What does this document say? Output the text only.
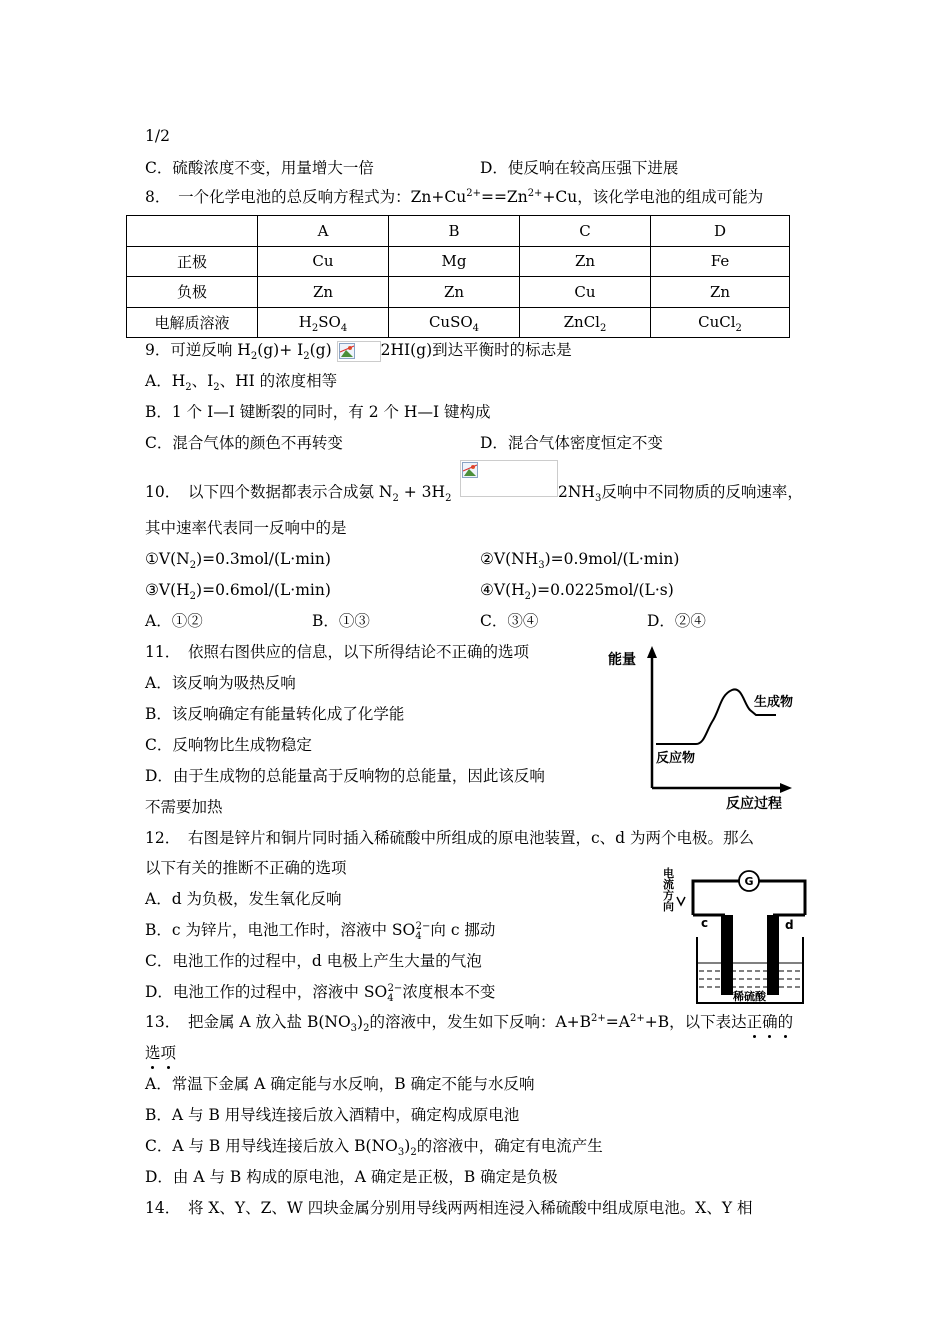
1/2
C．硫酸浓度不变，用量增大一倍	D．使反响在较高压强下进展
8．　一个化学电池的总反响方程式为：$Zn+Cu^{2+}==Zn^{2+}+Cu$，该化学电池的组成可能为
	A	B	C	D
正极	Cu	Mg	Zn	Fe
负极	Zn	Zn	Cu	Zn
电解质溶液	$H_2SO_4$	CuSO$_4$	ZnCl$_2$	CuCl$_2$
9．可逆反响 $H_2(g)+ I_2(g)$	2HI(g)到达平衡时的标志是
A．$H_2$、$I_2$、HI 的浓度相等
B．1 个 I—I 键断裂的同时，有 2 个 H—I 键构成
C．混合气体的颜色不再转变	D．混合气体密度恒定不变
10．　以下四个数据都表示合成氨 $N_2 + 3H_2$	$2NH_3$反响中不同物质的反响速率，
其中速率代表同一反响中的是
$①V(N_2)=0.3mol/(L\cdot\min)$	$②V(NH_3)=0.9mol/(L\cdot\min)$
$③V(H_2)=0.6mol/(L\cdot\min)$	$④V(H_2)=0.0225mol/(L\cdot s)$
A．①②	B．①③	C．③④	D．②④
11．　依照右图供应的信息，以下所得结论不正确的选项
A．该反响为吸热反响
B．该反响确定有能量转化成了化学能
C．反响物比生成物稳定
D．由于生成物的总能量高于反响物的总能量，因此该反响
不需要加热
能量
生成物
反应物
反应过程
12．　右图是锌片和铜片同时插入稀硫酸中所组成的原电池装置，c、d 为两个电极。那么
以下有关的推断不正确的选项
A．d 为负极，发生氧化反响
B．c 为锌片，电池工作时，溶液中 $SO_4^{2-}$向 c 挪动
C．电池工作的过程中，d 电极上产生大量的气泡
D．电池工作的过程中，溶液中 $SO_4^{2-}$浓度根本不变
电流方向
G
c	d
稀硫酸
13．　把金属 A 放入盐 $B(NO_3)_2$的溶液中，发生如下反响：$A+B^{2+}=A^{2+}+B$，以下表达正确的
选项
A．常温下金属 A 确定能与水反响，B 确定不能与水反响
B．A 与 B 用导线连接后放入酒精中，确定构成原电池
C．A 与 B 用导线连接后放入 $B(NO_3)_2$的溶液中，确定有电流产生
D．由 A 与 B 构成的原电池，A 确定是正极，B 确定是负极
14．　将 X、Y、Z、W 四块金属分别用导线两两相连浸入稀硫酸中组成原电池。X、Y 相
